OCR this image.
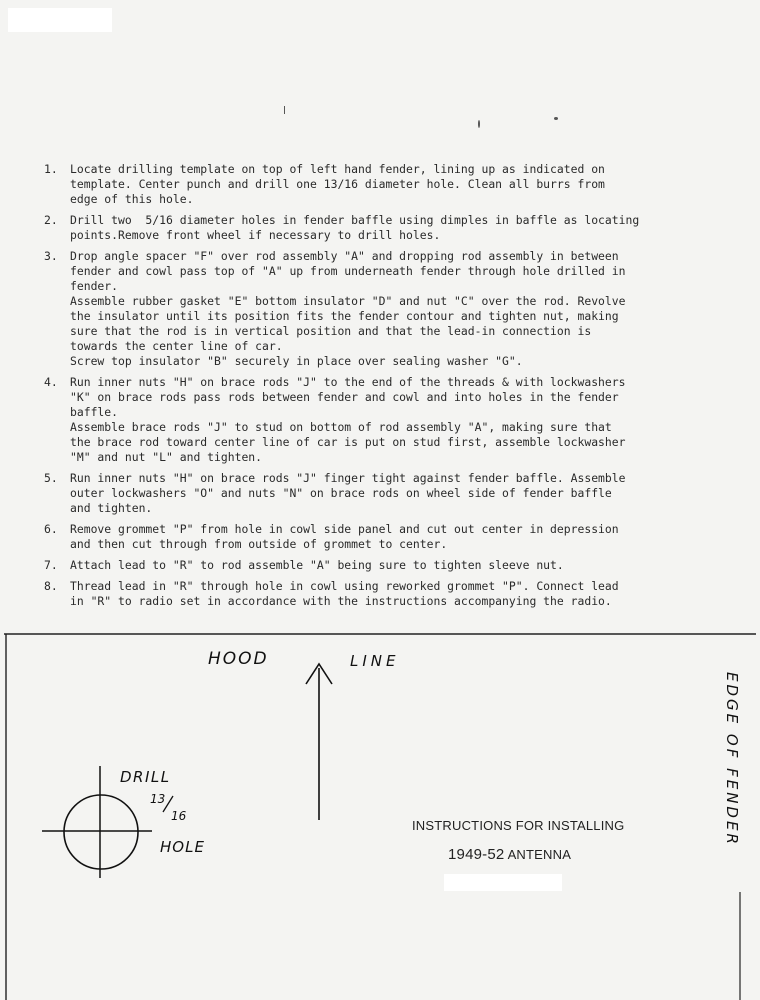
1. Locate drilling template on top of left hand fender, lining up as indicated on
template. Center punch and drill one 13/16 diameter hole. Clean all burrs from
edge of this hole.
2. Drill two  5/16 diameter holes in fender baffle using dimples in baffle as locating
points.Remove front wheel if necessary to drill holes.
3. Drop angle spacer "F" over rod assembly "A" and dropping rod assembly in between
fender and cowl pass top of "A" up from underneath fender through hole drilled in
fender.
Assemble rubber gasket "E" bottom insulator "D" and nut "C" over the rod. Revolve
the insulator until its position fits the fender contour and tighten nut, making
sure that the rod is in vertical position and that the lead-in connection is
towards the center line of car.
Screw top insulator "B" securely in place over sealing washer "G".
4. Run inner nuts "H" on brace rods "J" to the end of the threads & with lockwashers
"K" on brace rods pass rods between fender and cowl and into holes in the fender
baffle.
Assemble brace rods "J" to stud on bottom of rod assembly "A", making sure that
the brace rod toward center line of car is put on stud first, assemble lockwasher
"M" and nut "L" and tighten.
5. Run inner nuts "H" on brace rods "J" finger tight against fender baffle. Assemble
outer lockwashers "O" and nuts "N" on brace rods on wheel side of fender baffle
and tighten.
6. Remove grommet "P" from hole in cowl side panel and cut out center in depression
and then cut through from outside of grommet to center.
7. Attach lead to "R" to rod assemble "A" being sure to tighten sleeve nut.
8. Thread lead in "R" through hole in cowl using reworked grommet "P". Connect lead
in "R" to radio set in accordance with the instructions accompanying the radio.
HOOD	LINE
EDGE OF FENDER
DRILL
13
16
HOLE
INSTRUCTIONS FOR INSTALLING
1949-52 ANTENNA
